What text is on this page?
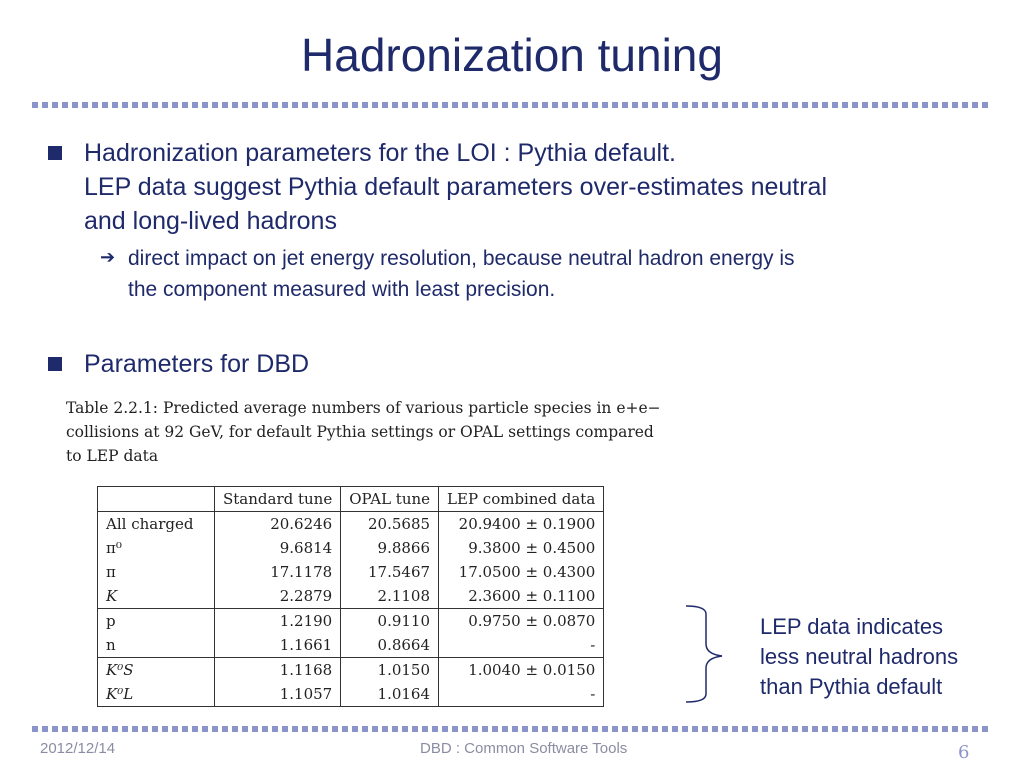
Hadronization tuning
Hadronization parameters for the LOI : Pythia default.
LEP data suggest Pythia default parameters over-estimates neutral
and long-lived hadrons
➔ direct impact on jet energy resolution, because neutral hadron energy is
the component measured with least precision.
Parameters for DBD
Table 2.2.1: Predicted average numbers of various particle species in e+e−
collisions at 92 GeV, for default Pythia settings or OPAL settings compared
to LEP data
	Standard tune	OPAL tune	LEP combined data
All charged	20.6246	20.5685	20.9400 ± 0.1900
π⁰	9.6814	9.8866	9.3800 ± 0.4500
π	17.1178	17.5467	17.0500 ± 0.4300
K	2.2879	2.1108	2.3600 ± 0.1100
p	1.2190	0.9110	0.9750 ± 0.0870
n	1.1661	0.8664	-
K⁰S	1.1168	1.0150	1.0040 ± 0.0150
K⁰L	1.1057	1.0164	-
LEP data indicates
less neutral hadrons
than Pythia default
2012/12/14	DBD : Common Software Tools	6
